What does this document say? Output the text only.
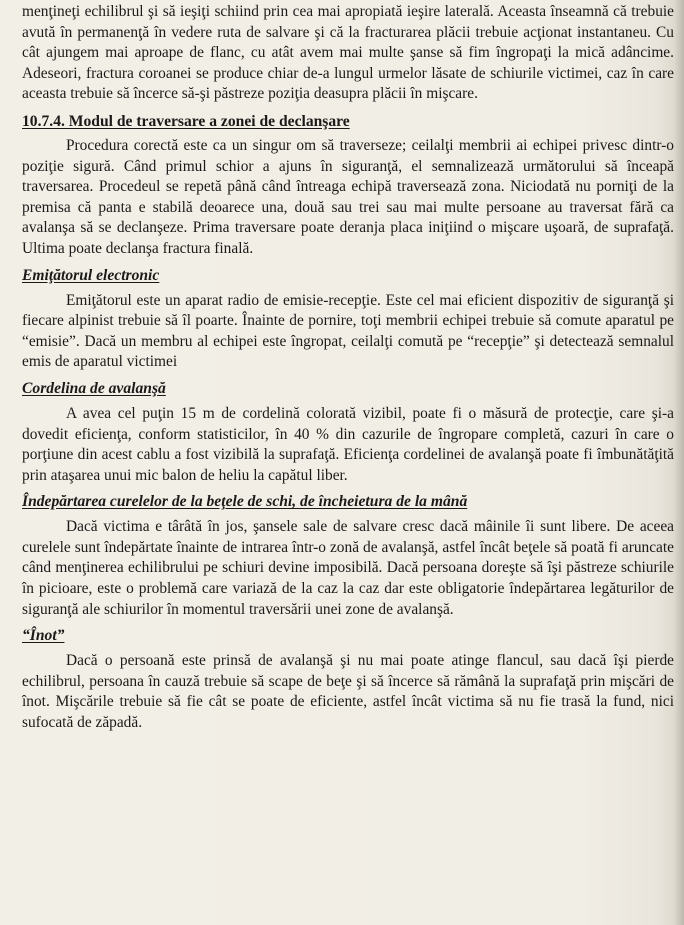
menţineţi echilibrul şi să ieşiţi schiind prin cea mai apropiată ieşire laterală. Aceasta înseamnă că trebuie avută în permanenţă în vedere ruta de salvare şi că la fracturarea plăcii trebuie acţionat instantaneu. Cu cât ajungem mai aproape de flanc, cu atât avem mai multe şanse să fim îngropaţi la mică adâncime. Adeseori, fractura coroanei se produce chiar de-a lungul urmelor lăsate de schiurile victimei, caz în care aceasta trebuie să încerce să-şi păstreze poziţia deasupra plăcii în mişcare.

10.7.4. Modul de traversare a zonei de declanşare

Procedura corectă este ca un singur om să traverseze; ceilalţi membrii ai echipei privesc dintr-o poziţie sigură. Când primul schior a ajuns în siguranţă, el semnalizează următorului să înceapă traversarea. Procedeul se repetă până când întreaga echipă traversează zona. Niciodată nu porniţi de la premisa că panta e stabilă deoarece una, două sau trei sau mai multe persoane au traversat fără ca avalanşa să se declanşeze. Prima traversare poate deranja placa iniţiind o mişcare uşoară, de suprafaţă. Ultima poate declanşa fractura finală.

Emiţătorul electronic

Emiţătorul este un aparat radio de emisie-recepţie. Este cel mai eficient dispozitiv de siguranţă şi fiecare alpinist trebuie să îl poarte. Înainte de pornire, toţi membrii echipei trebuie să comute aparatul pe “emisie”. Dacă un membru al echipei este îngropat, ceilalţi comută pe “recepţie” şi detectează semnalul emis de aparatul victimei

Cordelina de avalanşă

A avea cel puţin 15 m de cordelină colorată vizibil, poate fi o măsură de protecţie, care şi-a dovedit eficienţa, conform statisticilor, în 40 % din cazurile de îngropare completă, cazuri în care o porţiune din acest cablu a fost vizibilă la suprafaţă. Eficienţa cordelinei de avalanşă poate fi îmbunătăţită prin ataşarea unui mic balon de heliu la capătul liber.

Îndepărtarea curelelor de la beţele de schi, de încheietura de la mână

Dacă victima e târâtă în jos, şansele sale de salvare cresc dacă mâinile îi sunt libere. De aceea curelele sunt îndepărtate înainte de intrarea într-o zonă de avalanşă, astfel încât beţele să poată fi aruncate când menţinerea echilibrului pe schiuri devine imposibilă. Dacă persoana doreşte să îşi păstreze schiurile în picioare, este o problemă care variază de la caz la caz dar este obligatorie îndepărtarea legăturilor de siguranţă ale schiurilor în momentul traversării unei zone de avalanşă.

“Înot”

Dacă o persoană este prinsă de avalanşă şi nu mai poate atinge flancul, sau dacă îşi pierde echilibrul, persoana în cauză trebuie să scape de beţe şi să încerce să rămână la suprafaţă prin mişcări de înot. Mişcările trebuie să fie cât se poate de eficiente, astfel încât victima să nu fie trasă la fund, nici sufocată de zăpadă.
